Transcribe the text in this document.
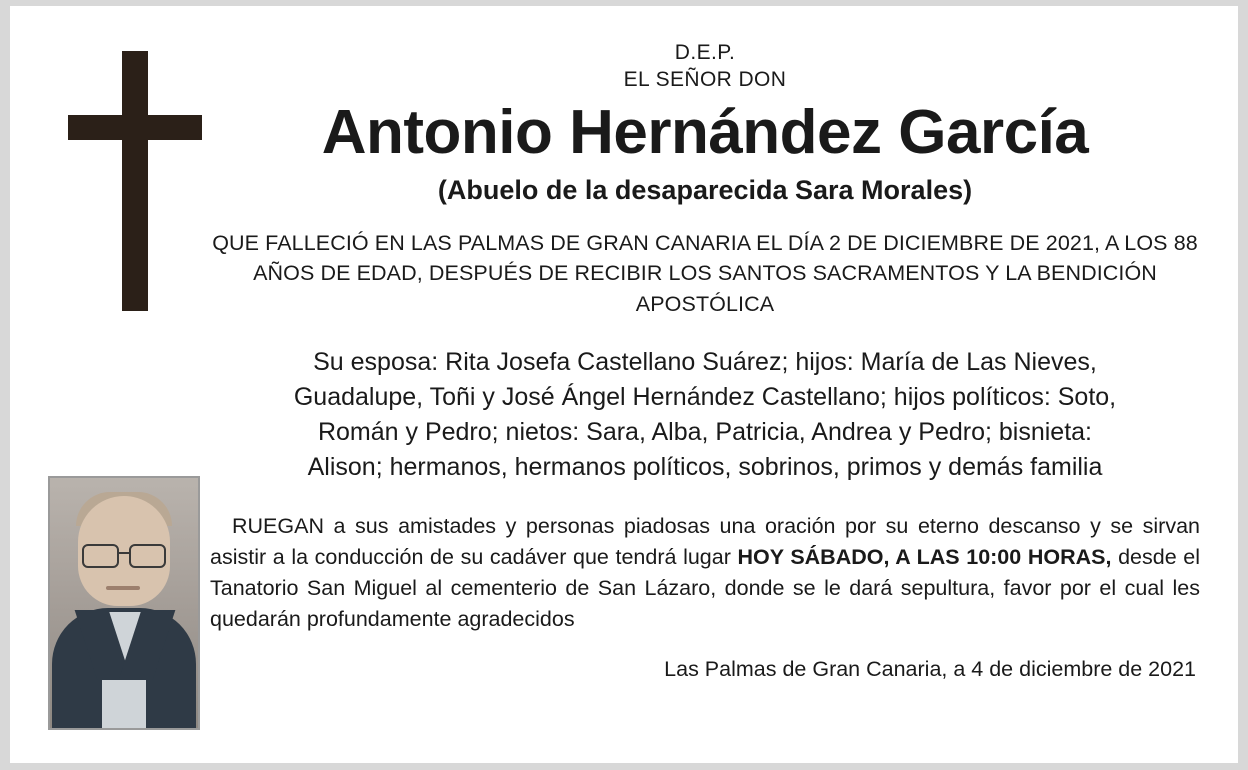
D.E.P.
EL SEÑOR DON
Antonio Hernández García
(Abuelo de la desaparecida Sara Morales)
QUE FALLECIÓ EN LAS PALMAS DE GRAN CANARIA EL DÍA 2 DE DICIEMBRE DE 2021, A LOS 88 AÑOS DE EDAD, DESPUÉS DE RECIBIR LOS SANTOS SACRAMENTOS Y LA BENDICIÓN APOSTÓLICA
Su esposa: Rita Josefa Castellano Suárez; hijos: María de Las Nieves,
Guadalupe, Toñi y José Ángel Hernández Castellano; hijos políticos: Soto,
Román y Pedro; nietos: Sara, Alba, Patricia, Andrea y Pedro; bisnieta:
Alison; hermanos, hermanos políticos, sobrinos, primos y demás familia
RUEGAN a sus amistades y personas piadosas una oración por su eterno descanso y se sirvan asistir a la conducción de su cadáver que tendrá lugar HOY SÁBADO, A LAS 10:00 HORAS, desde el Tanatorio San Miguel al cementerio de San Lázaro, donde se le dará sepultura, favor por el cual les quedarán profundamente agradecidos
Las Palmas de Gran Canaria, a 4 de diciembre de 2021
